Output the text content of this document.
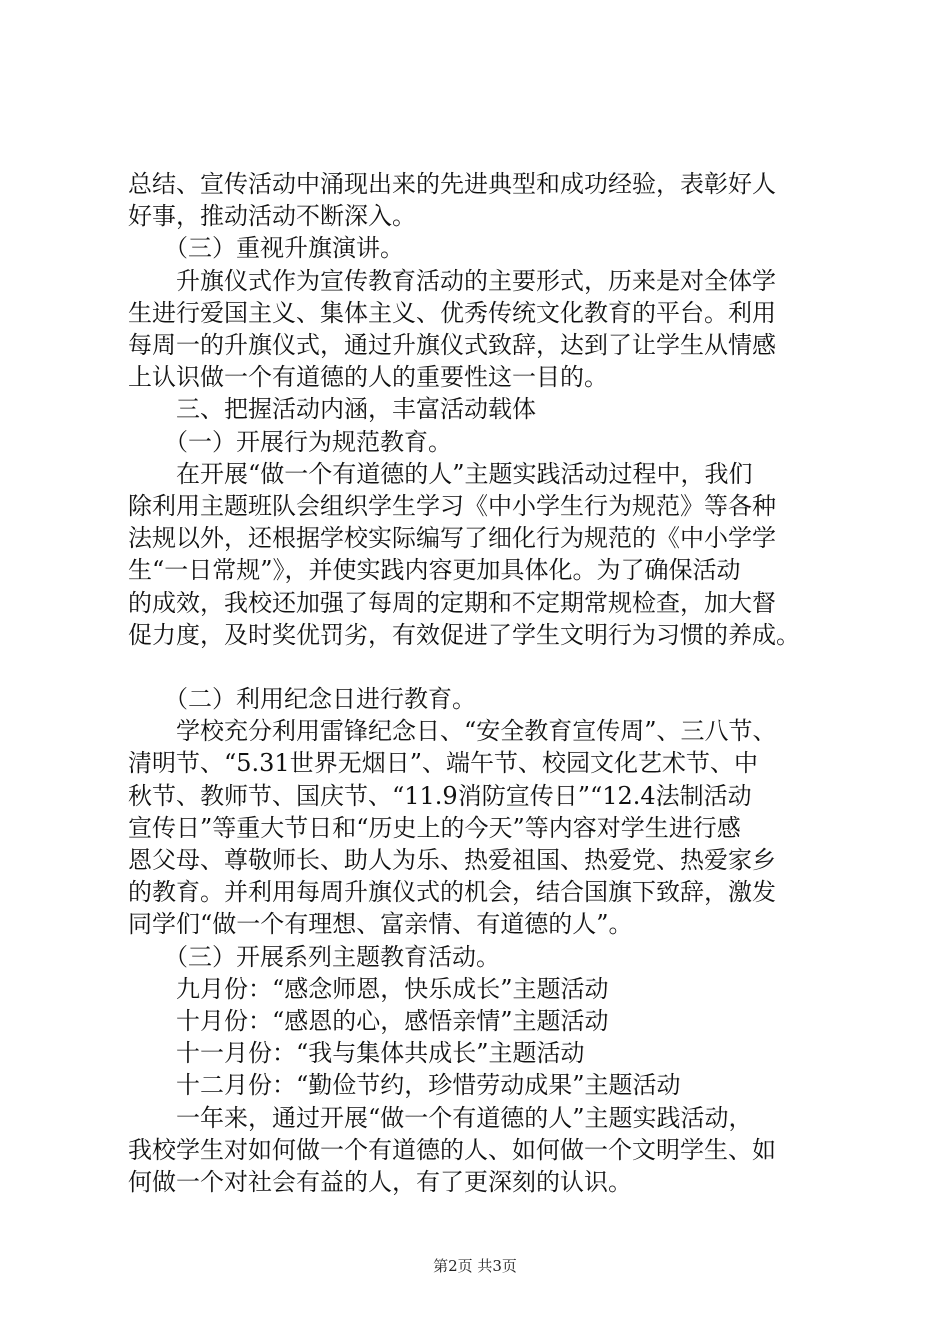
总结、宣传活动中涌现出来的先进典型和成功经验，表彰好人

好事，推动活动不断深入。

　　（三）重视升旗演讲。

　　升旗仪式作为宣传教育活动的主要形式，历来是对全体学

生进行爱国主义、集体主义、优秀传统文化教育的平台。利用

每周一的升旗仪式，通过升旗仪式致辞，达到了让学生从情感

上认识做一个有道德的人的重要性这一目的。

　　三、把握活动内涵，丰富活动载体

　　（一）开展行为规范教育。

　　在开展“做一个有道德的人”主题实践活动过程中，我们

除利用主题班队会组织学生学习《中小学生行为规范》等各种

法规以外，还根据学校实际编写了细化行为规范的《中小学学

生“一日常规”》，并使实践内容更加具体化。为了确保活动

的成效，我校还加强了每周的定期和不定期常规检查，加大督

促力度，及时奖优罚劣，有效促进了学生文明行为习惯的养成。

　　（二）利用纪念日进行教育。

　　学校充分利用雷锋纪念日、“安全教育宣传周”、三八节、

清明节、“5.31世界无烟日”、端午节、校园文化艺术节、中

秋节、教师节、国庆节、“11.9消防宣传日”“12.4法制活动

宣传日”等重大节日和“历史上的今天”等内容对学生进行感

恩父母、尊敬师长、助人为乐、热爱祖国、热爱党、热爱家乡

的教育。并利用每周升旗仪式的机会，结合国旗下致辞，激发

同学们“做一个有理想、富亲情、有道德的人”。

　　（三）开展系列主题教育活动。

　　九月份：“感念师恩，快乐成长”主题活动

　　十月份：“感恩的心，感悟亲情”主题活动

　　十一月份：“我与集体共成长”主题活动

　　十二月份：“勤俭节约，珍惜劳动成果”主题活动

　　一年来，通过开展“做一个有道德的人”主题实践活动，

我校学生对如何做一个有道德的人、如何做一个文明学生、如

何做一个对社会有益的人，有了更深刻的认识。

第2页 共3页
